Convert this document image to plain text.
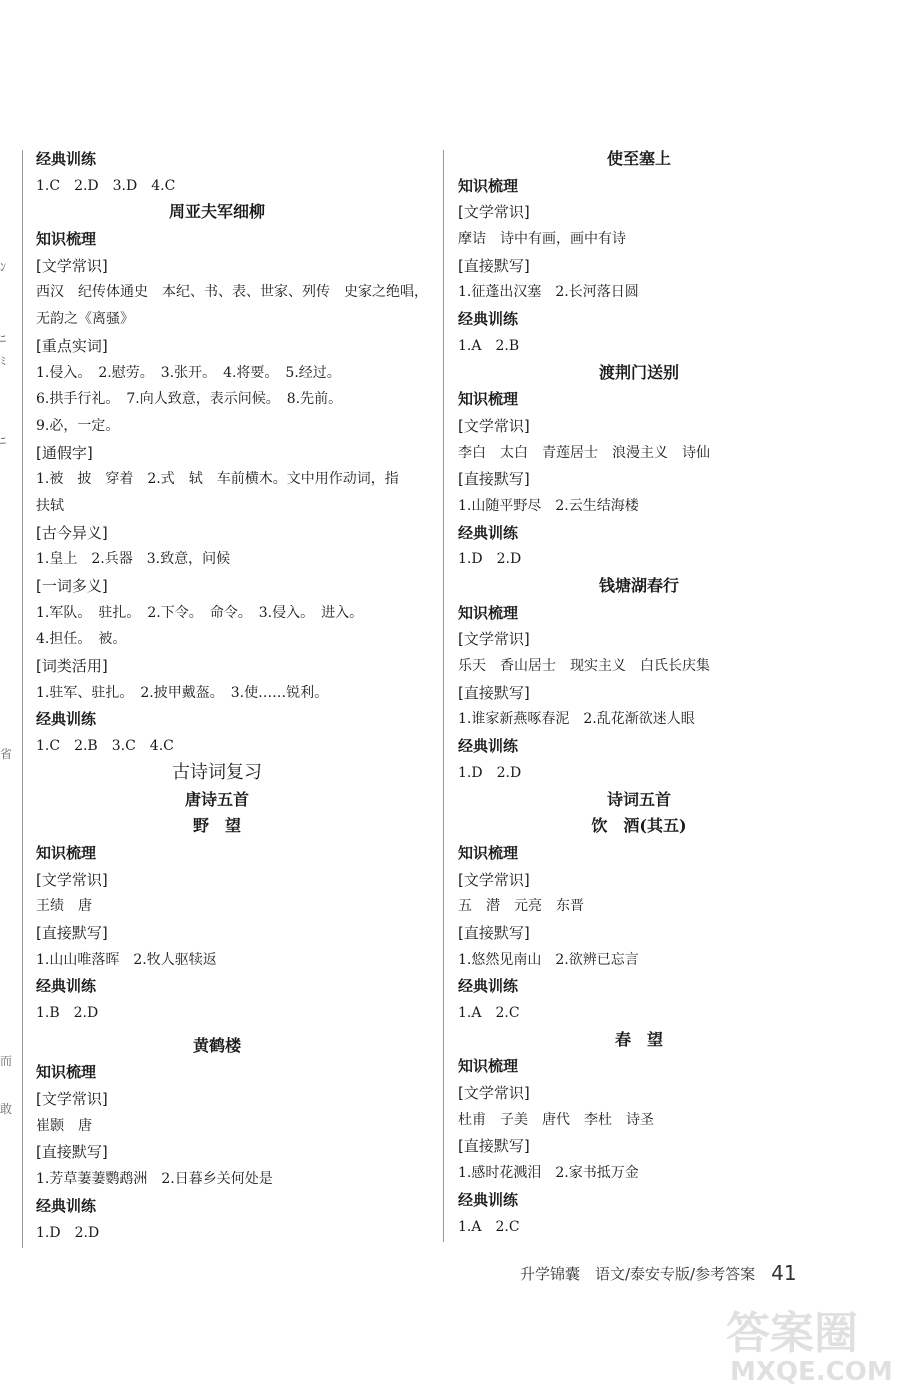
ﾝ
ﾆ
ﾐ
ﾆ
省
而
敢
经典训练
1.C　2.D　3.D　4.C
周亚夫军细柳
知识梳理
[文学常识]
西汉　纪传体通史　本纪、书、表、世家、列传　史家之绝唱，
无韵之《离骚》
[重点实词]
1.侵入。　2.慰劳。　3.张开。　4.将要。　5.经过。
6.拱手行礼。　7.向人致意，表示问候。　8.先前。
9.必，一定。
[通假字]
1.被　披　穿着　2.式　轼　车前横木。文中用作动词，指
扶轼
[古今异义]
1.皇上　2.兵器　3.致意，问候
[一词多义]
1.军队。　驻扎。　2.下令。　命令。　3.侵入。　进入。
4.担任。　被。
[词类活用]
1.驻军、驻扎。　2.披甲戴盔。　3.使……锐利。
经典训练
1.C　2.B　3.C　4.C
古诗词复习
唐诗五首
野　望
知识梳理
[文学常识]
王绩　唐
[直接默写]
1.山山唯落晖　2.牧人驱犊返
经典训练
1.B　2.D
黄鹤楼
知识梳理
[文学常识]
崔颢　唐
[直接默写]
1.芳草萋萋鹦鹉洲　2.日暮乡关何处是
经典训练
1.D　2.D
使至塞上
知识梳理
[文学常识]
摩诘　诗中有画，画中有诗
[直接默写]
1.征蓬出汉塞　2.长河落日圆
经典训练
1.A　2.B
渡荆门送别
知识梳理
[文学常识]
李白　太白　青莲居士　浪漫主义　诗仙
[直接默写]
1.山随平野尽　2.云生结海楼
经典训练
1.D　2.D
钱塘湖春行
知识梳理
[文学常识]
乐天　香山居士　现实主义　白氏长庆集
[直接默写]
1.谁家新燕啄春泥　2.乱花渐欲迷人眼
经典训练
1.D　2.D
诗词五首
饮　酒(其五)
知识梳理
[文学常识]
五　潜　元亮　东晋
[直接默写]
1.悠然见南山　2.欲辨已忘言
经典训练
1.A　2.C
春　望
知识梳理
[文学常识]
杜甫　子美　唐代　李杜　诗圣
[直接默写]
1.感时花溅泪　2.家书抵万金
经典训练
1.A　2.C
升学锦囊　语文/泰安专版/参考答案 41
答案圈
MXQE.COM
